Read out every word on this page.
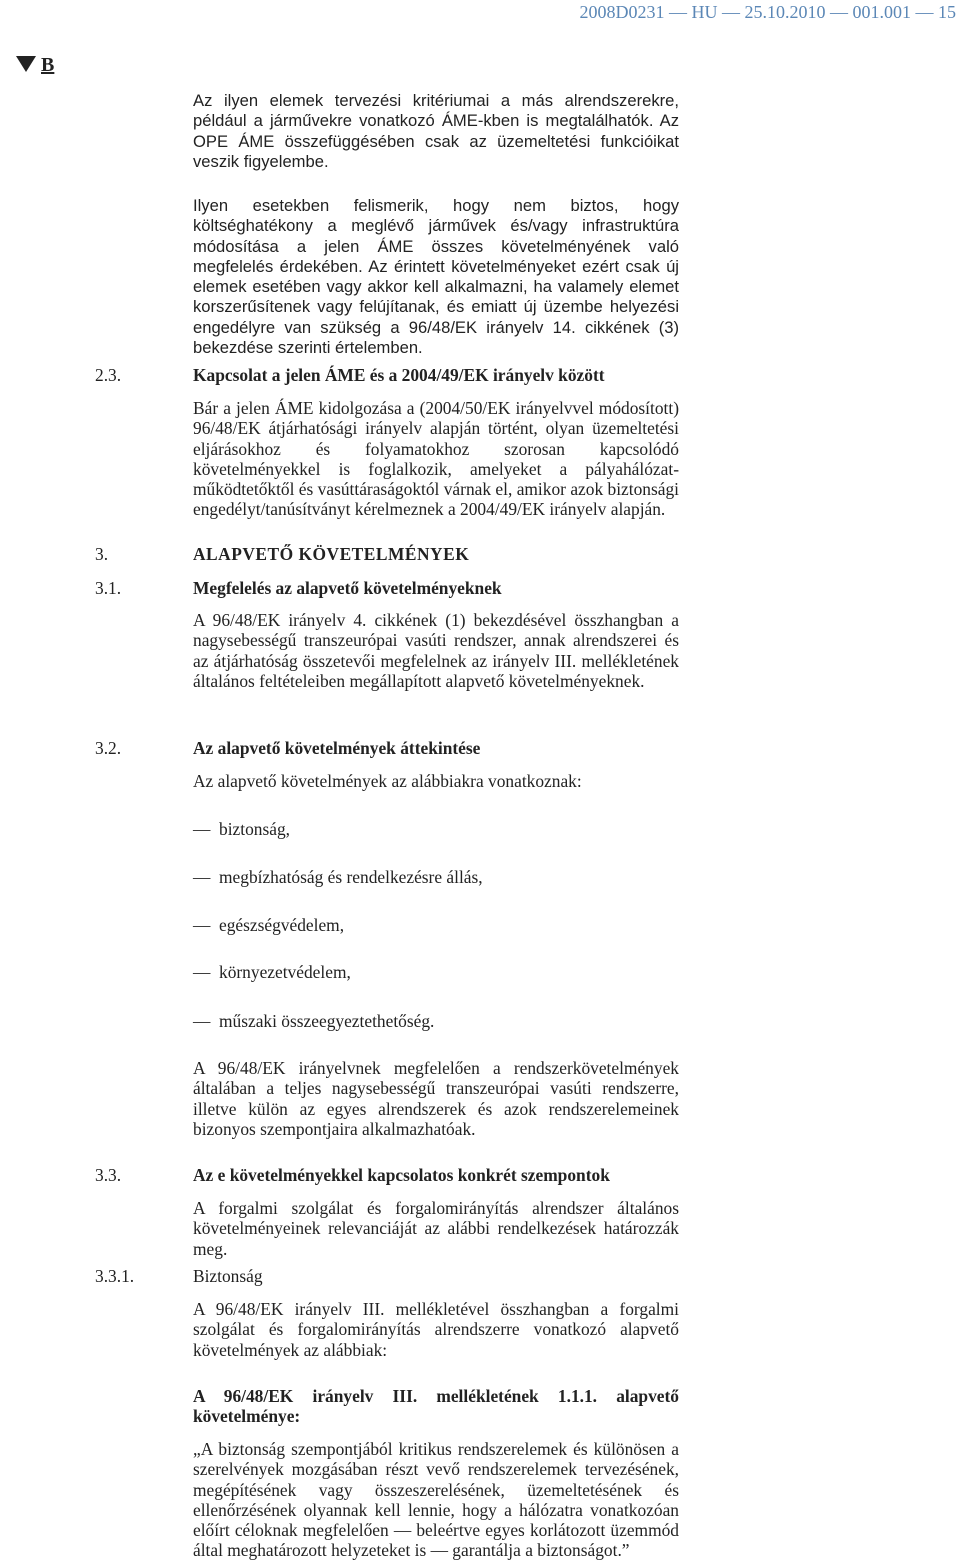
2008D0231 — HU — 25.10.2010 — 001.001 — 15
B
Az ilyen elemek tervezési kritériumai a más alrendszerekre, például a járművekre vonatkozó ÁME-kben is megtalálhatók. Az OPE ÁME összefüggésében csak az üzemeltetési funkcióikat veszik figyelembe.
Ilyen esetekben felismerik, hogy nem biztos, hogy költséghatékony a meglévő járművek és/vagy infrastruktúra módosítása a jelen ÁME összes követelményének való megfelelés érdekében. Az érintett követelményeket ezért csak új elemek esetében vagy akkor kell alkalmazni, ha valamely elemet korszerűsítenek vagy felújítanak, és emiatt új üzembe helyezési engedélyre van szükség a 96/48/EK irányelv 14. cikkének (3) bekezdése szerinti értelemben.
2.3.	Kapcsolat a jelen ÁME és a 2004/49/EK irányelv között
Bár a jelen ÁME kidolgozása a (2004/50/EK irányelvvel módosított) 96/48/EK átjárhatósági irányelv alapján történt, olyan üzemeltetési eljárásokhoz és folyamatokhoz szorosan kapcsolódó követelményekkel is foglalkozik, amelyeket a pályahálózat-működtetőktől és vasúttáraságoktól várnak el, amikor azok biztonsági engedélyt/tanúsítványt kérelmeznek a 2004/49/EK irányelv alapján.
3.	ALAPVETŐ KÖVETELMÉNYEK
3.1.	Megfelelés az alapvető követelményeknek
A 96/48/EK irányelv 4. cikkének (1) bekezdésével összhangban a nagysebességű transzeurópai vasúti rendszer, annak alrendszerei és az átjárhatóság összetevői megfelelnek az irányelv III. mellékletének általános feltételeiben megállapított alapvető követelményeknek.
3.2.	Az alapvető követelmények áttekintése
Az alapvető követelmények az alábbiakra vonatkoznak:
— biztonság,
— megbízhatóság és rendelkezésre állás,
— egészségvédelem,
— környezetvédelem,
— műszaki összeegyeztethetőség.
A 96/48/EK irányelvnek megfelelően a rendszerkövetelmények általában a teljes nagysebességű transzeurópai vasúti rendszerre, illetve külön az egyes alrendszerek és azok rendszerelemeinek bizonyos szempontjaira alkalmazhatóak.
3.3.	Az e követelményekkel kapcsolatos konkrét szempontok
A forgalmi szolgálat és forgalomirányítás alrendszer általános követelményeinek relevanciáját az alábbi rendelkezések határozzák meg.
3.3.1.	Biztonság
A 96/48/EK irányelv III. mellékletével összhangban a forgalmi szolgálat és forgalomirányítás alrendszerre vonatkozó alapvető követelmények az alábbiak:
A 96/48/EK irányelv III. mellékletének 1.1.1. alapvető követelménye:
„A biztonság szempontjából kritikus rendszerelemek és különösen a szerelvények mozgásában részt vevő rendszerelemek tervezésének, megépítésének vagy összeszerelésének, üzemeltetésének és ellenőrzésének olyannak kell lennie, hogy a hálózatra vonatkozóan előírt céloknak megfelelően — beleértve egyes korlátozott üzemmód által meghatározott helyzeteket is — garantálja a biztonságot.”
